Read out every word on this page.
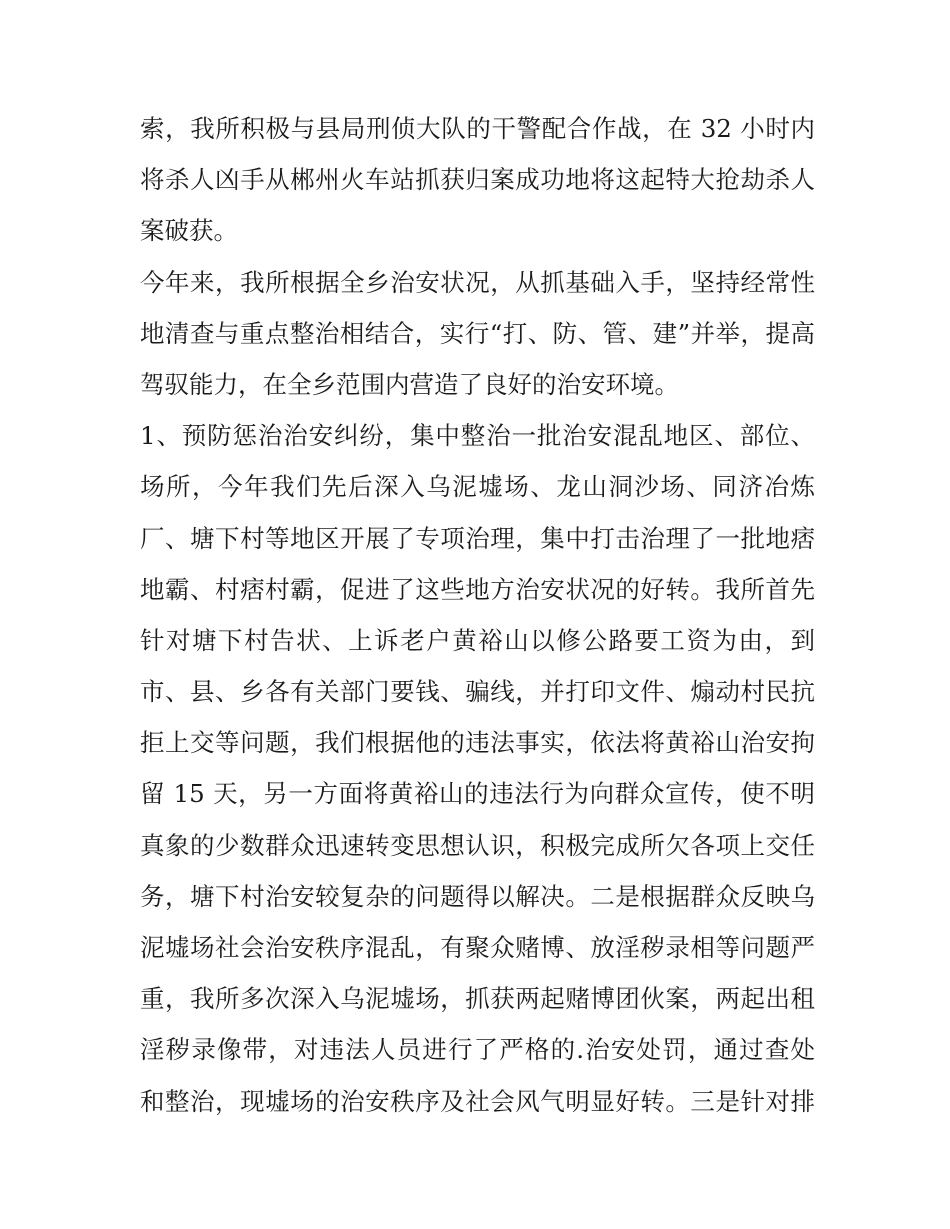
索，我所积极与县局刑侦大队的干警配合作战，在 32 小时内
将杀人凶手从郴州火车站抓获归案成功地将这起特大抢劫杀人
案破获。
今年来，我所根据全乡治安状况，从抓基础入手，坚持经常性
地清查与重点整治相结合，实行“打、防、管、建”并举，提高
驾驭能力，在全乡范围内营造了良好的治安环境。
1、预防惩治治安纠纷，集中整治一批治安混乱地区、部位、
场所，今年我们先后深入乌泥墟场、龙山洞沙场、同济冶炼
厂、塘下村等地区开展了专项治理，集中打击治理了一批地痞
地霸、村痞村霸，促进了这些地方治安状况的好转。我所首先
针对塘下村告状、上诉老户黄裕山以修公路要工资为由，到
市、县、乡各有关部门要钱、骗线，并打印文件、煽动村民抗
拒上交等问题，我们根据他的违法事实，依法将黄裕山治安拘
留 15 天，另一方面将黄裕山的违法行为向群众宣传，使不明
真象的少数群众迅速转变思想认识，积极完成所欠各项上交任
务，塘下村治安较复杂的问题得以解决。二是根据群众反映乌
泥墟场社会治安秩序混乱，有聚众赌博、放淫秽录相等问题严
重，我所多次深入乌泥墟场，抓获两起赌博团伙案，两起出租
淫秽录像带，对违法人员进行了严格的.治安处罚，通过查处
和整治，现墟场的治安秩序及社会风气明显好转。三是针对排
